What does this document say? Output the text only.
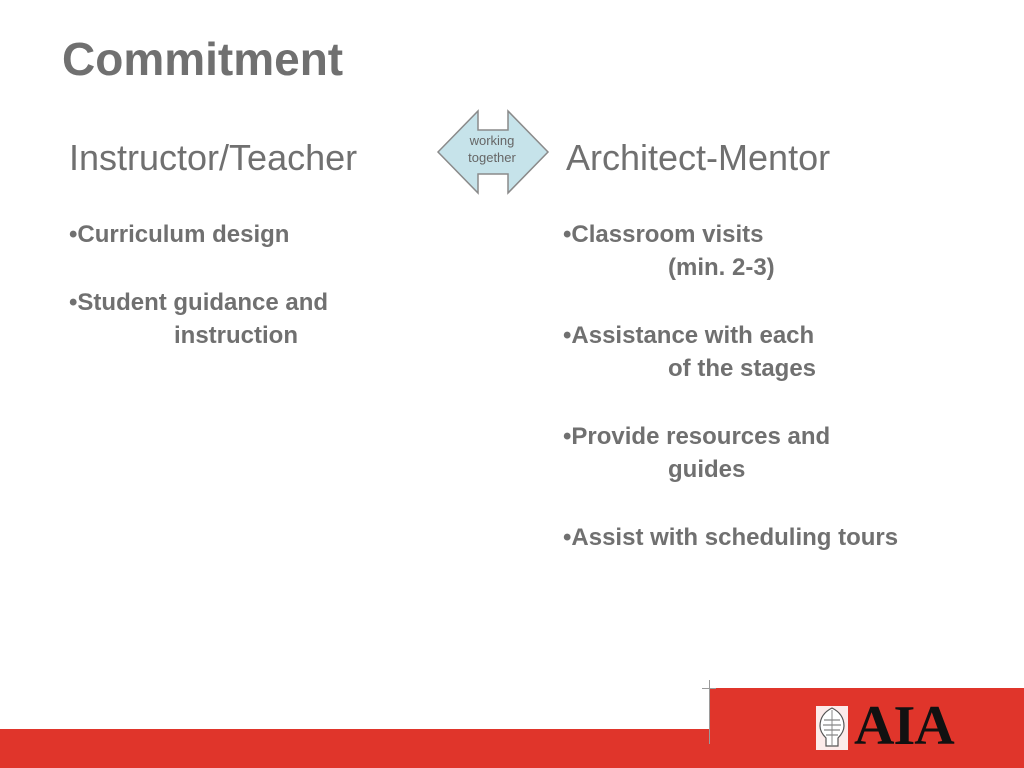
Commitment
Instructor/Teacher	working
together	Architect-Mentor
•Curriculum design
•Student guidance and
instruction
•Classroom visits
(min. 2-3)
•Assistance with each
of the stages
•Provide resources and
guides
•Assist with scheduling tours
AIA
